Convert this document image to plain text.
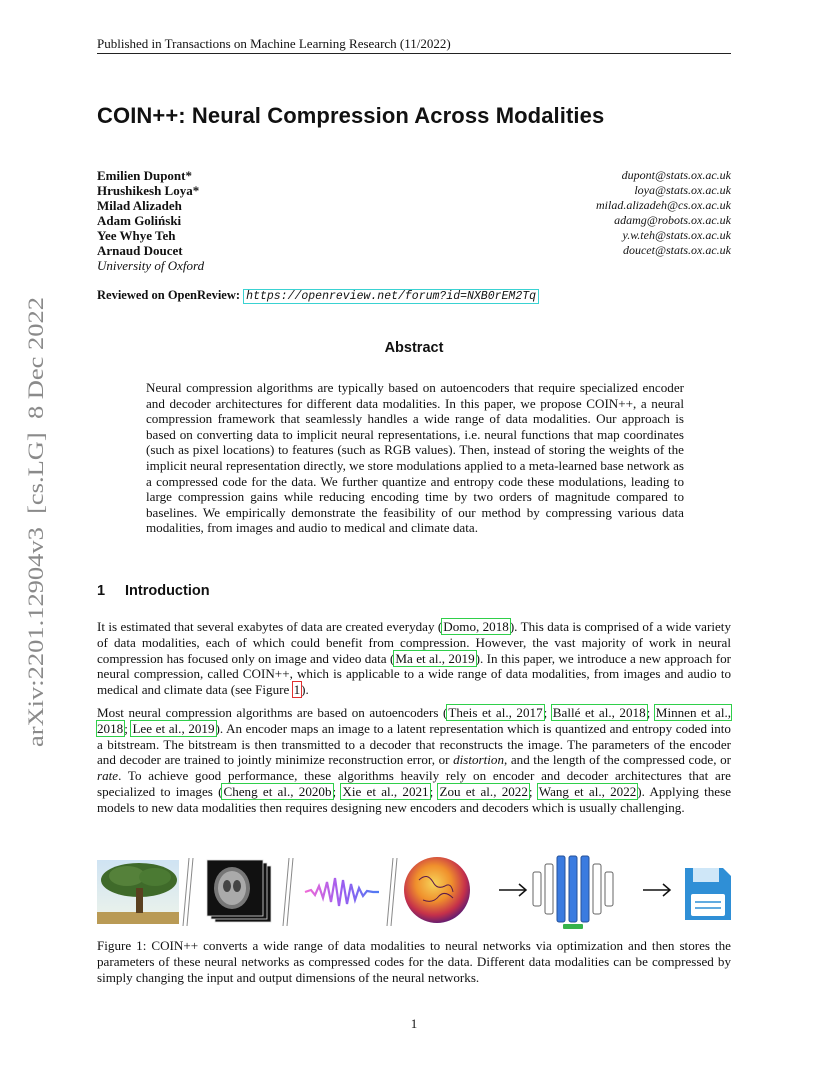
Published in Transactions on Machine Learning Research (11/2022)
arXiv:2201.12904v3  [cs.LG]  8 Dec 2022
COIN++: Neural Compression Across Modalities
Emilien Dupont*	dupont@stats.ox.ac.uk
Hrushikesh Loya*	loya@stats.ox.ac.uk
Milad Alizadeh	milad.alizadeh@cs.ox.ac.uk
Adam Goliński	adamg@robots.ox.ac.uk
Yee Whye Teh	y.w.teh@stats.ox.ac.uk
Arnaud Doucet	doucet@stats.ox.ac.uk
University of Oxford
Reviewed on OpenReview: https://openreview.net/forum?id=NXB0rEM2Tq
Abstract
Neural compression algorithms are typically based on autoencoders that require specialized encoder and decoder architectures for different data modalities. In this paper, we propose COIN++, a neural compression framework that seamlessly handles a wide range of data modalities. Our approach is based on converting data to implicit neural representations, i.e. neural functions that map coordinates (such as pixel locations) to features (such as RGB values). Then, instead of storing the weights of the implicit neural representation directly, we store modulations applied to a meta-learned base network as a compressed code for the data. We further quantize and entropy code these modulations, leading to large compression gains while reducing encoding time by two orders of magnitude compared to baselines. We empirically demonstrate the feasibility of our method by compressing various data modalities, from images and audio to medical and climate data.
1 Introduction
It is estimated that several exabytes of data are created everyday (Domo, 2018). This data is comprised of a wide variety of data modalities, each of which could benefit from compression. However, the vast majority of work in neural compression has focused only on image and video data (Ma et al., 2019). In this paper, we introduce a new approach for neural compression, called COIN++, which is applicable to a wide range of data modalities, from images and audio to medical and climate data (see Figure 1).
Most neural compression algorithms are based on autoencoders (Theis et al., 2017; Ballé et al., 2018; Minnen et al., 2018; Lee et al., 2019). An encoder maps an image to a latent representation which is quantized and entropy coded into a bitstream. The bitstream is then transmitted to a decoder that reconstructs the image. The parameters of the encoder and decoder are trained to jointly minimize reconstruction error, or distortion, and the length of the compressed code, or rate. To achieve good performance, these algorithms heavily rely on encoder and decoder architectures that are specialized to images (Cheng et al., 2020b; Xie et al., 2021; Zou et al., 2022; Wang et al., 2022). Applying these models to new data modalities then requires designing new encoders and decoders which is usually challenging.
Figure 1: COIN++ converts a wide range of data modalities to neural networks via optimization and then stores the parameters of these neural networks as compressed codes for the data. Different data modalities can be compressed by simply changing the input and output dimensions of the neural networks.
1
